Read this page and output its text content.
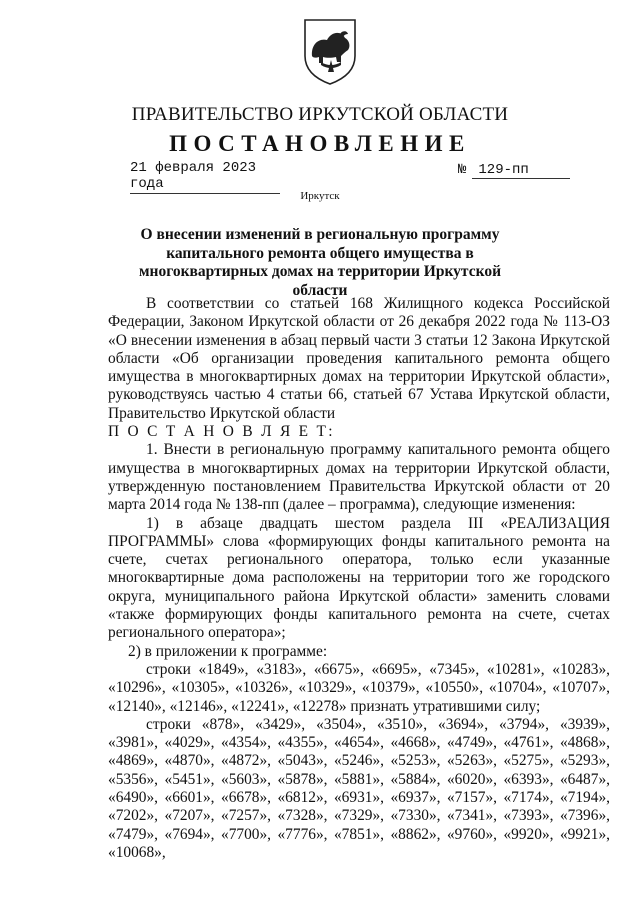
ПРАВИТЕЛЬСТВО ИРКУТСКОЙ ОБЛАСТИ
ПОСТАНОВЛЕНИЕ
21 февраля 2023 года
№ 129-пп
Иркутск
О внесении изменений в региональную программу капитального ремонта общего имущества в многоквартирных домах на территории Иркутской области

В соответствии со статьей 168 Жилищного кодекса Российской Федерации, Законом Иркутской области от 26 декабря 2022 года № 113-ОЗ «О внесении изменения в абзац первый части 3 статьи 12 Закона Иркутской области «Об организации проведения капитального ремонта общего имущества в многоквартирных домах на территории Иркутской области», руководствуясь частью 4 статьи 66, статьей 67 Устава Иркутской области, Правительство Иркутской области

П О С Т А Н О В Л Я Е Т:

1. Внести в региональную программу капитального ремонта общего имущества в многоквартирных домах на территории Иркутской области, утвержденную постановлением Правительства Иркутской области от 20 марта 2014 года № 138-пп (далее – программа), следующие изменения:

1) в абзаце двадцать шестом раздела III «РЕАЛИЗАЦИЯ ПРОГРАММЫ» слова «формирующих фонды капитального ремонта на счете, счетах регионального оператора, только если указанные многоквартирные дома расположены на территории того же городского округа, муниципального района Иркутской области» заменить словами «также формирующих фонды капитального ремонта на счете, счетах регионального оператора»;

2) в приложении к программе:

строки «1849», «3183», «6675», «6695», «7345», «10281», «10283», «10296», «10305», «10326», «10329», «10379», «10550», «10704», «10707», «12140», «12146», «12241», «12278» признать утратившими силу;

строки «878», «3429», «3504», «3510», «3694», «3794», «3939», «3981», «4029», «4354», «4355», «4654», «4668», «4749», «4761», «4868», «4869», «4870», «4872», «5043», «5246», «5253», «5263», «5275», «5293», «5356», «5451», «5603», «5878», «5881», «5884», «6020», «6393», «6487», «6490», «6601», «6678», «6812», «6931», «6937», «7157», «7174», «7194», «7202», «7207», «7257», «7328», «7329», «7330», «7341», «7393», «7396», «7479», «7694», «7700», «7776», «7851», «8862», «9760», «9920», «9921», «10068»,
